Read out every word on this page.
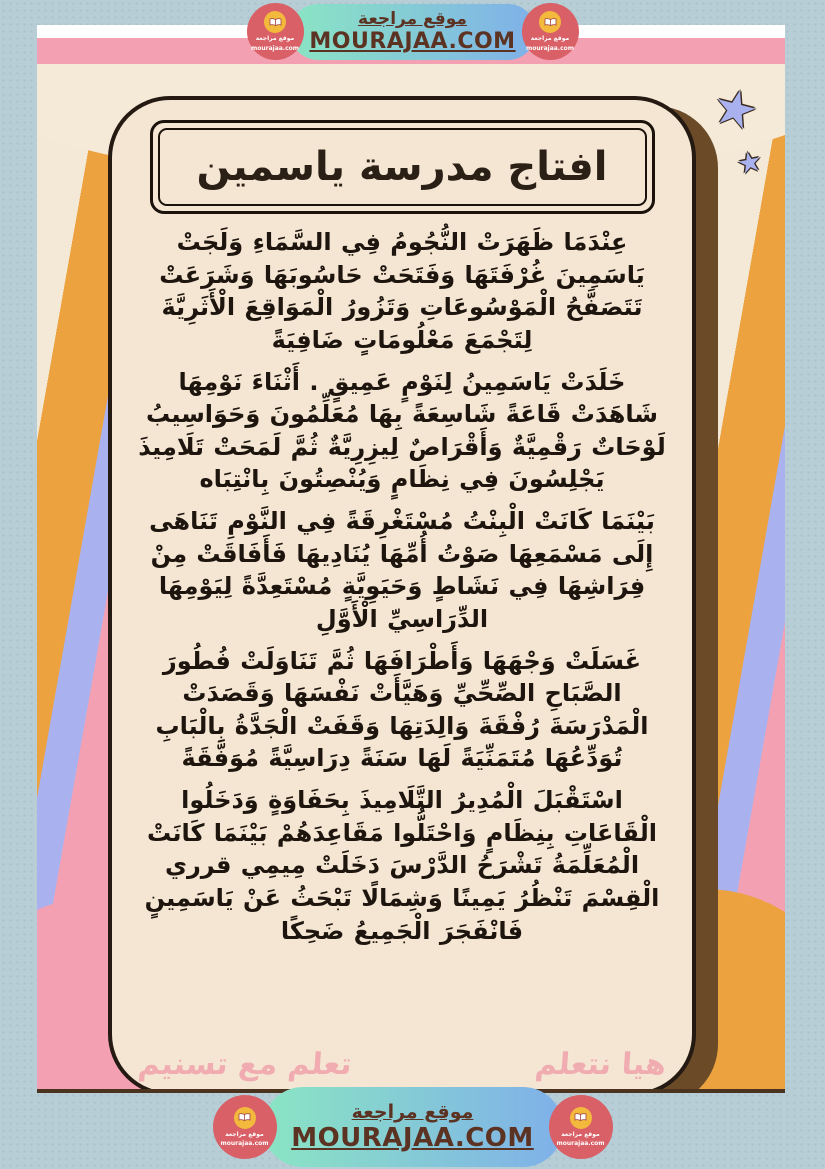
★
★
افتاج مدرسة ياسمين

عِنْدَمَا ظَهَرَتْ النُّجُومُ فِي السَّمَاءِ وَلَجَتْ يَاسَمِينَ غُرْفَتَهَا وَفَتَحَتْ حَاسُوبَهَا وَشَرَعَتْ تَتَصَفَّحُ الْمَوْسُوعَاتِ وَتَزُورُ الْمَوَاقِعَ الْأَثَرِيَّةَ لِتَجْمَعَ مَعْلُومَاتٍ ضَافِيَةً

خَلَدَتْ يَاسَمِينُ لِنَوْمٍ عَمِيقٍ . أَثْنَاءَ نَوْمِهَا شَاهَدَتْ قَاعَةً شَاسِعَةً بِهَا مُعَلِّمُونَ وَحَوَاسِيبُ لَوْحَاتٌ رَقْمِيَّةٌ وَأَقْرَاصٌ لِيزِرِيَّةٌ ثُمَّ لَمَحَتْ تَلَامِيذَ يَجْلِسُونَ فِي نِظَامٍ وَيُنْصِتُونَ بِانْتِبَاه

بَيْنَمَا كَانَتْ الْبِنْتُ مُسْتَغْرِقَةً فِي النَّوْمِ تَنَاهَى إِلَى مَسْمَعِهَا صَوْتُ أُمِّهَا يُنَادِيهَا فَأَفَاقَتْ مِنْ فِرَاشِهَا فِي نَشَاطٍ وَحَيَوِيَّةٍ مُسْتَعِدَّةً لِيَوْمِهَا الدِّرَاسِيِّ الْأَوَّلِ

غَسَلَتْ وَجْهَهَا وَأَطْرَافَهَا ثُمَّ تَنَاوَلَتْ فُطُورَ الصَّبَاحِ الصِّحِّيِّ وَهَيَّأَتْ نَفْسَهَا وَقَصَدَتْ الْمَدْرَسَةَ رُفْقَةَ وَالِدَتِهَا وَقَفَتْ الْجَدَّةُ بِالْبَابِ تُوَدِّعُهَا مُتَمَنِّيَةً لَهَا سَنَةً دِرَاسِيَّةً مُوَفَّقَةً

اسْتَقْبَلَ الْمُدِيرُ التَّلَامِيذَ بِحَفَاوَةٍ وَدَخَلُوا الْقَاعَاتِ بِنِظَامٍ وَاحْتَلُّوا مَقَاعِدَهُمْ بَيْنَمَا كَانَتْ الْمُعَلِّمَةُ تَشْرَحُ الدَّرْسَ دَخَلَتْ مِيمِي قرري الْقِسْمَ تَنْظُرُ يَمِينًا وَشِمَالًا تَبْحَثُ عَنْ يَاسَمِينٍ فَانْفَجَرَ الْجَمِيعُ ضَحِكًا

هيا نتعلم
تعلم مع تسنيم
موقع مراجعة
mourajaa.com
موقع مراجعة
MOURAJAA.COM	موقع مراجعة
mourajaa.com
موقع مراجعة
mourajaa.com
موقع مراجعة
MOURAJAA.COM	موقع مراجعة
mourajaa.com
